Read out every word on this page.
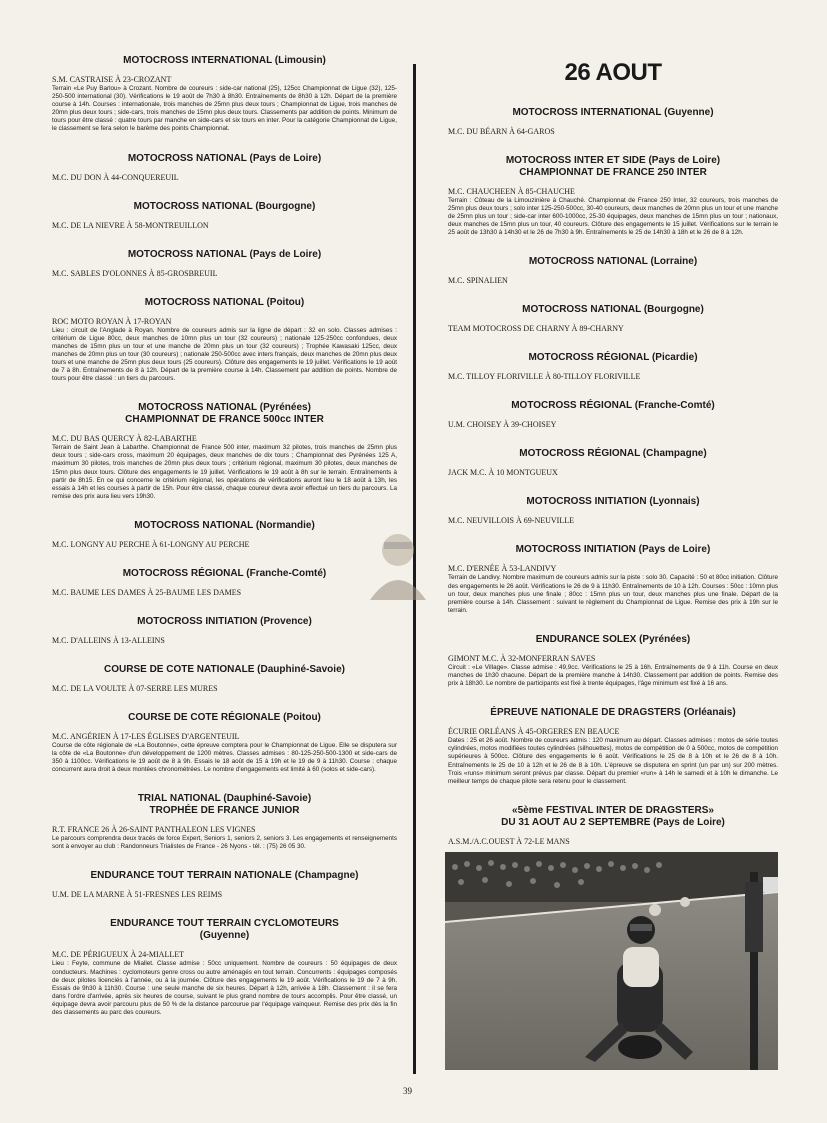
MOTOCROSS INTERNATIONAL (Limousin)
S.M. CASTRAISE À 23-CROZANT
Terrain «Le Puy Barlou» à Crozant. Nombre de coureurs : side-car national (25), 125cc Championnat de Ligue (32), 125-250-500 international (30). Vérifications le 19 août de 7h30 à 8h30. Entraînements de 8h30 à 12h. Départ de la première course à 14h. Courses : internationale, trois manches de 25mn plus deux tours ; Championnat de Ligue, trois manches de 20mn plus deux tours ; side-cars, trois manches de 15mn plus deux tours. Classements par addition de points. Minimum de tours pour être classé : quatre tours par manche en side-cars et six tours en inter. Pour la catégorie Championnat de Ligue, le classement se fera selon le barème des points Championnat.
MOTOCROSS NATIONAL (Pays de Loire)
M.C. DU DON À 44-CONQUEREUIL
MOTOCROSS NATIONAL (Bourgogne)
M.C. DE LA NIEVRE À 58-MONTREUILLON
MOTOCROSS NATIONAL (Pays de Loire)
M.C. SABLES D'OLONNES À 85-GROSBREUIL
MOTOCROSS NATIONAL (Poitou)
ROC MOTO ROYAN À 17-ROYAN
Lieu : circuit de l'Anglade à Royan. Nombre de coureurs admis sur la ligne de départ : 32 en solo. Classes admises : critérium de Ligue 80cc, deux manches de 10mn plus un tour (32 coureurs) ; nationale 125-250cc confondues, deux manches de 15mn plus un tour et une manche de 20mn plus un tour (32 coureurs) ; Trophée Kawasaki 125cc, deux manches de 20mn plus un tour (30 coureurs) ; nationale 250-500cc avec inters français, deux manches de 20mn plus deux tours et une manche de 25mn plus deux tours (25 coureurs). Clôture des engagements le 19 juillet. Vérifications le 19 août de 7 à 8h. Entraînements de 8 à 12h. Départ de la première course à 14h. Classement par addition de points. Nombre de tours pour être classé : un tiers du parcours.
MOTOCROSS NATIONAL (Pyrénées)
CHAMPIONNAT DE FRANCE 500cc INTER
M.C. DU BAS QUERCY À 82-LABARTHE
Terrain de Saint Jean à Labarthe. Championnat de France 500 inter, maximum 32 pilotes, trois manches de 25mn plus deux tours ; side-cars cross, maximum 20 équipages, deux manches de dix tours ; Championnat des Pyrénées 125 A, maximum 30 pilotes, trois manches de 20mn plus deux tours ; critérium régional, maximum 30 pilotes, deux manches de 15mn plus deux tours. Clôture des engagements le 19 juillet. Vérifications le 19 août à 8h sur le terrain. Entraînements à partir de 8h15. En ce qui concerne le critérium régional, les opérations de vérifications auront lieu le 18 août à 13h, les essais à 14h et les courses à partir de 15h. Pour être classé, chaque coureur devra avoir effectué un tiers du parcours. La remise des prix aura lieu vers 19h30.
MOTOCROSS NATIONAL (Normandie)
M.C. LONGNY AU PERCHE À 61-LONGNY AU PERCHE
MOTOCROSS RÉGIONAL (Franche-Comté)
M.C. BAUME LES DAMES À 25-BAUME LES DAMES
MOTOCROSS INITIATION (Provence)
M.C. D'ALLEINS À 13-ALLEINS
COURSE DE COTE NATIONALE (Dauphiné-Savoie)
M.C. DE LA VOULTE À 07-SERRE LES MURES
COURSE DE COTE RÉGIONALE (Poitou)
M.C. ANGÉRIEN À 17-LES ÉGLISES D'ARGENTEUIL
Course de côte régionale de «La Boutonne», cette épreuve comptera pour le Championnat de Ligue. Elle se disputera sur la côte de «La Boutonne» d'un développement de 1200 mètres. Classes admises : 80-125-250-500-1300 et side-cars de 350 à 1100cc. Vérifications le 19 août de 8 à 9h. Essais le 18 août de 15 à 19h et le 19 de 9 à 11h30. Course : chaque concurrent aura droit à deux montées chronométrées. Le nombre d'engagements est limité à 60 (solos et side-cars).
TRIAL NATIONAL (Dauphiné-Savoie)
TROPHÉE DE FRANCE JUNIOR
R.T. FRANCE 26 À 26-SAINT PANTHALEON LES VIGNES
Le parcours comprendra deux tracés de force Expert, Seniors 1, seniors 2, seniors 3. Les engagements et renseignements sont à envoyer au club : Randonneurs Trialistes de France - 26 Nyons - tél. : (75) 26 05 30.
ENDURANCE TOUT TERRAIN NATIONALE (Champagne)
U.M. DE LA MARNE À 51-FRESNES LES REIMS
ENDURANCE TOUT TERRAIN CYCLOMOTEURS
(Guyenne)
M.C. DE PÉRIGUEUX À 24-MIALLET
Lieu : Feyte, commune de Miallet. Classe admise : 50cc uniquement. Nombre de coureurs : 50 équipages de deux conducteurs. Machines : cyclomoteurs genre cross ou autre aménagés en tout terrain. Concurrents : équipages composés de deux pilotes licenciés à l'année, ou à la journée. Clôture des engagements le 19 août. Vérifications le 19 de 7 à 9h. Essais de 9h30 à 11h30. Course : une seule manche de six heures. Départ à 12h, arrivée à 18h. Classement : il se fera dans l'ordre d'arrivée, après six heures de course, suivant le plus grand nombre de tours accomplis. Pour être classé, un équipage devra avoir parcouru plus de 50 % de la distance parcourue par l'équipage vainqueur. Remise des prix dès la fin des classements au parc des coureurs.
26 AOUT
MOTOCROSS INTERNATIONAL (Guyenne)
M.C. DU BÉARN À 64-GAROS
MOTOCROSS INTER ET SIDE (Pays de Loire)
CHAMPIONNAT DE FRANCE 250 INTER
M.C. CHAUCHEEN À 85-CHAUCHE
Terrain : Côteau de la Limouzinière à Chauché. Championnat de France 250 Inter, 32 coureurs, trois manches de 25mn plus deux tours ; solo inter 125-250-500cc, 30-40 coureurs, deux manches de 20mn plus un tour et une manche de 25mn plus un tour ; side-car inter 600-1000cc, 25-30 équipages, deux manches de 15mn plus un tour ; nationaux, deux manches de 15mn plus un tour, 40 coureurs. Clôture des engagements le 15 juillet. Vérifications sur le terrain le 25 août de 13h30 à 14h30 et le 26 de 7h30 à 9h. Entraînements le 25 de 14h30 à 18h et le 26 de 8 à 12h.
MOTOCROSS NATIONAL (Lorraine)
M.C. SPINALIEN
MOTOCROSS NATIONAL (Bourgogne)
TEAM MOTOCROSS DE CHARNY À 89-CHARNY
MOTOCROSS RÉGIONAL (Picardie)
M.C. TILLOY FLORIVILLE À 80-TILLOY FLORIVILLE
MOTOCROSS RÉGIONAL (Franche-Comté)
U.M. CHOISEY À 39-CHOISEY
MOTOCROSS RÉGIONAL (Champagne)
JACK M.C. À 10 MONTGUEUX
MOTOCROSS INITIATION (Lyonnais)
M.C. NEUVILLOIS À 69-NEUVILLE
MOTOCROSS INITIATION (Pays de Loire)
M.C. D'ERNÉE À 53-LANDIVY
Terrain de Landivy. Nombre maximum de coureurs admis sur la piste : solo 30. Capacité : 50 et 80cc initiation. Clôture des engagements le 26 août. Vérifications le 26 de 9 à 11h30. Entraînements de 10 à 12h. Courses : 50cc : 10mn plus un tour, deux manches plus une finale ; 80cc : 15mn plus un tour, deux manches plus une finale. Départ de la première course à 14h. Classement : suivant le règlement du Championnat de Ligue. Remise des prix à 19h sur le terrain.
ENDURANCE SOLEX (Pyrénées)
GIMONT M.C. À 32-MONFERRAN SAVES
Circuit : «Le Village». Classe admise : 49,9cc. Vérifications le 25 à 16h. Entraînements de 9 à 11h. Course en deux manches de 1h30 chacune. Départ de la première manche à 14h30. Classement par addition de points. Remise des prix à 18h30. Le nombre de participants est fixé à trente équipages, l'âge minimum est fixé à 16 ans.
ÉPREUVE NATIONALE DE DRAGSTERS (Orléanais)
ÉCURIE ORLÉANS À 45-ORGERES EN BEAUCE
Dates : 25 et 26 août. Nombre de coureurs admis : 120 maximum au départ. Classes admises : motos de série toutes cylindrées, motos modifiées toutes cylindrées (silhouettes), motos de compétition de 0 à 500cc, motos de compétition supérieures à 500cc. Clôture des engagements le 6 août. Vérifications le 25 de 8 à 10h et le 26 de 8 à 10h. Entraînements le 25 de 10 à 12h et le 26 de 8 à 10h. L'épreuve se disputera en sprint (un par un) sur 200 mètres. Trois «runs» minimum seront prévus par classe. Départ du premier «run» à 14h le samedi et à 10h le dimanche. Le meilleur temps de chaque pilote sera retenu pour le classement.
«5ème FESTIVAL INTER DE DRAGSTERS»
DU 31 AOUT AU 2 SEPTEMBRE (Pays de Loire)
A.S.M./A.C.OUEST À 72-LE MANS
39
